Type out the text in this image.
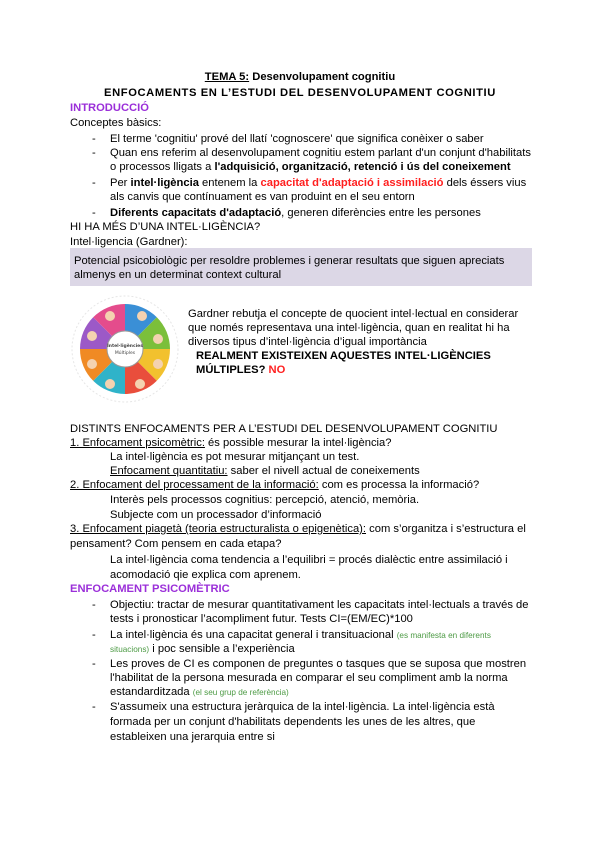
TEMA 5: Desenvolupament cognitiu
ENFOCAMENTS EN L’ESTUDI DEL DESENVOLUPAMENT COGNITIU
INTRODUCCIÓ
Conceptes bàsics:
- El terme 'cognitiu' prové del llatí 'cognoscere' que significa conèixer o saber
- Quan ens referim al desenvolupament cognitiu estem parlant d'un conjunt d'habilitats
o processos lligats a l'adquisició, organització, retenció i ús del coneixement
- Per intel·ligència entenem la capacitat d'adaptació i assimilació dels éssers vius
als canvis que contínuament es van produint en el seu entorn
- Diferents capacitats d'adaptació, generen diferències entre les persones
HI HA MÉS D’UNA INTEL·LIGÈNCIA?
Intel·ligencia (Gardner):
Potencial psicobiològic per resoldre problemes i generar resultats que siguen apreciats
almenys en un determinat context cultural
Intel·ligències
Múltiples
Gardner rebutja el concepte de quocient intel·lectual en considerar
que només representava una intel·ligència, quan en realitat hi ha
diversos tipus d’intel·ligència d’igual importància
REALMENT EXISTEIXEN AQUESTES INTEL·LIGÈNCIES
MÚLTIPLES? NO
DISTINTS ENFOCAMENTS PER A L’ESTUDI DEL DESENVOLUPAMENT COGNITIU
1. Enfocament psicomètric: és possible mesurar la intel·ligència?
La intel·ligència es pot mesurar mitjançant un test.
Enfocament quantitatiu: saber el nivell actual de coneixements
2. Enfocament del processament de la informació: com es processa la informació?
Interès pels processos cognitius: percepció, atenció, memòria.
Subjecte com un processador d’informació
3. Enfocament piagetà (teoria estructuralista o epigenètica): com s’organitza i s’estructura el
pensament? Com pensem en cada etapa?
La intel·ligència coma tendencia a l’equilibri = procés dialèctic entre assimilació i
acomodació qie explica com aprenem.
ENFOCAMENT PSICOMÈTRIC
- Objectiu: tractar de mesurar quantitativament les capacitats intel·lectuals a través de
tests i pronosticar l’acompliment futur. Tests CI=(EM/EC)*100
- La intel·ligència és una capacitat general i transituacional (es manifesta en diferents
situacions) i poc sensible a l’experiència
- Les proves de CI es componen de preguntes o tasques que se suposa que mostren
l'habilitat de la persona mesurada en comparar el seu compliment amb la norma
estandarditzada (el seu grup de referència)
- S'assumeix una estructura jeràrquica de la intel·ligència. La intel·ligència està
formada per un conjunt d'habilitats dependents les unes de les altres, que
estableixen una jerarquia entre si
